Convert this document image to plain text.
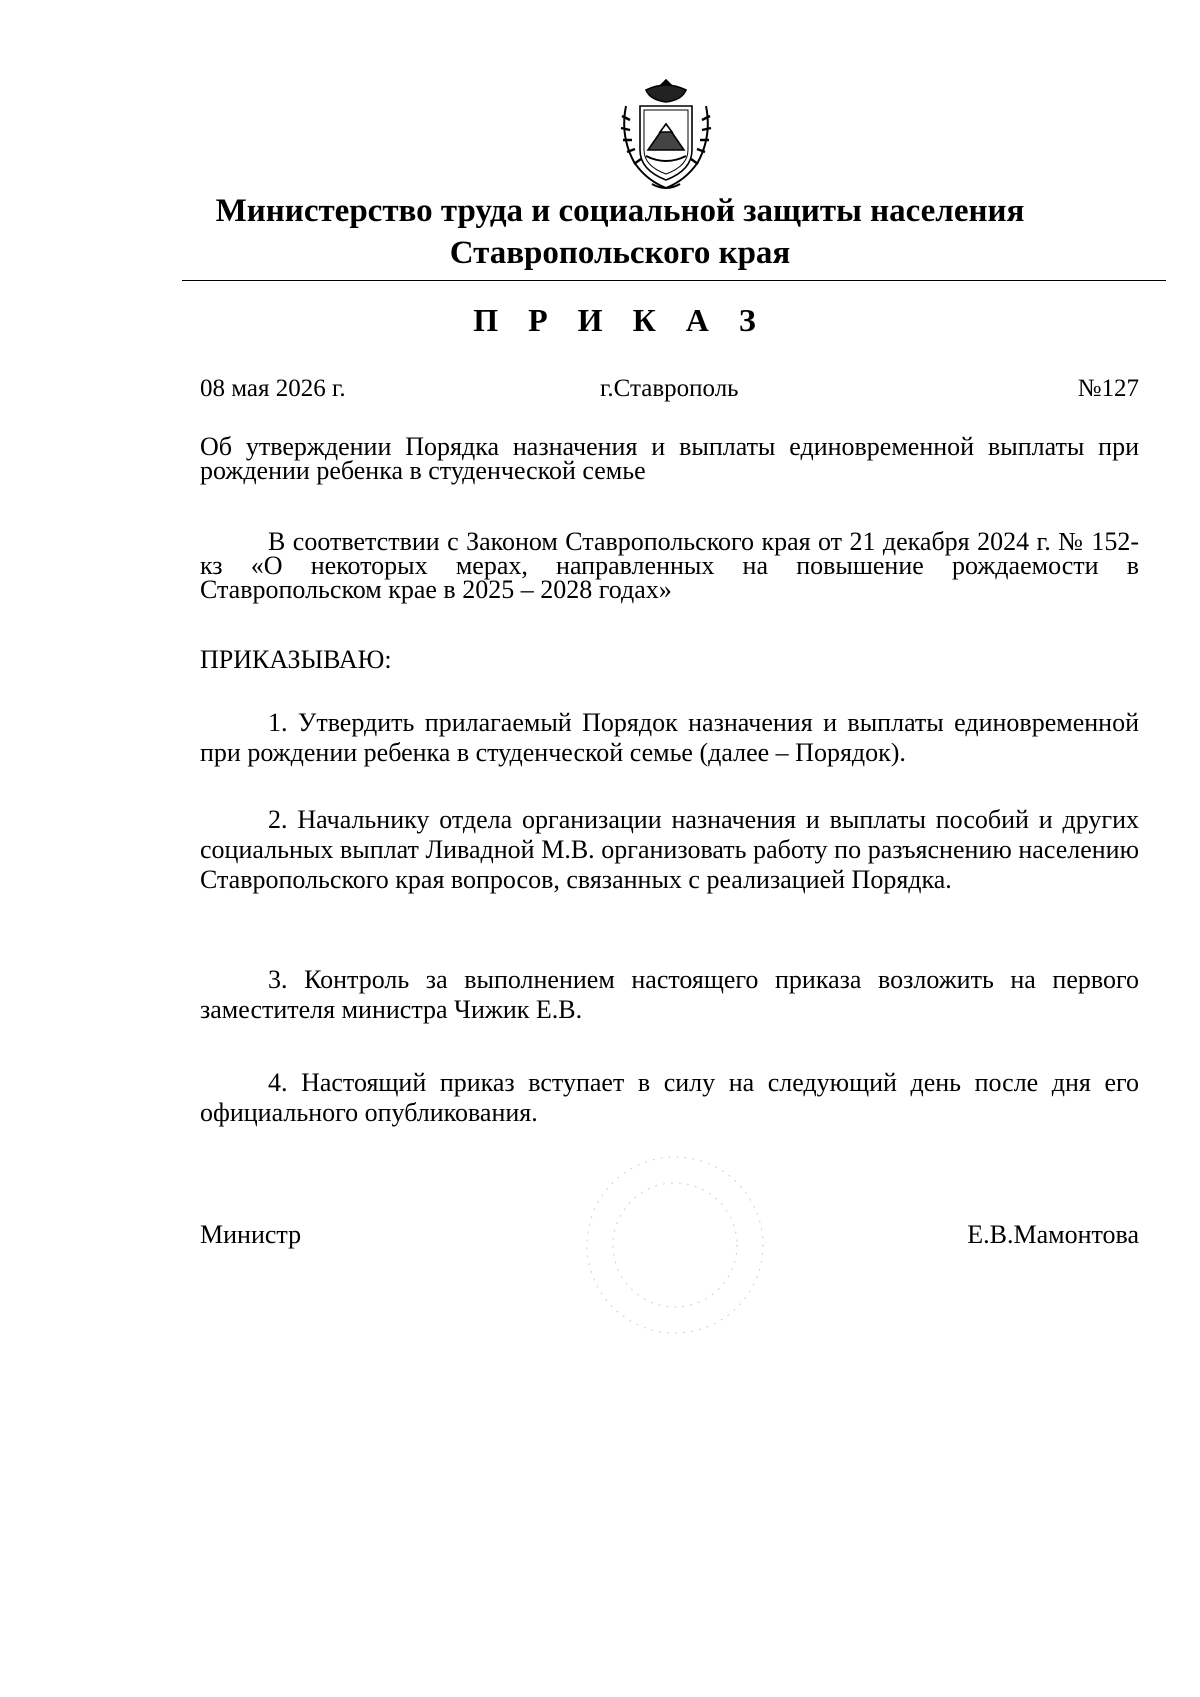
Министерство труда и социальной защиты населения
Ставропольского края
П Р И К А З
08 мая 2026 г.	г.Ставрополь	№127
Об утверждении Порядка назначения и выплаты единовременной выплаты при рождении ребенка в студенческой семье
В соответствии с Законом Ставропольского края от 21 декабря 2024 г. № 152-кз «О некоторых мерах, направленных на повышение рождаемости в Ставропольском крае в 2025 – 2028 годах»
ПРИКАЗЫВАЮ:
1. Утвердить прилагаемый Порядок назначения и выплаты единовременной при рождении ребенка в студенческой семье (далее – Порядок).
2. Начальнику отдела организации назначения и выплаты пособий и других социальных выплат Ливадной М.В. организовать работу по разъяснению населению Ставропольского края вопросов, связанных с реализацией Порядка.
3. Контроль за выполнением настоящего приказа возложить на первого заместителя министра Чижик Е.В.
4. Настоящий приказ вступает в силу на следующий день после дня его официального опубликования.
Министр	Е.В.Мамонтова
